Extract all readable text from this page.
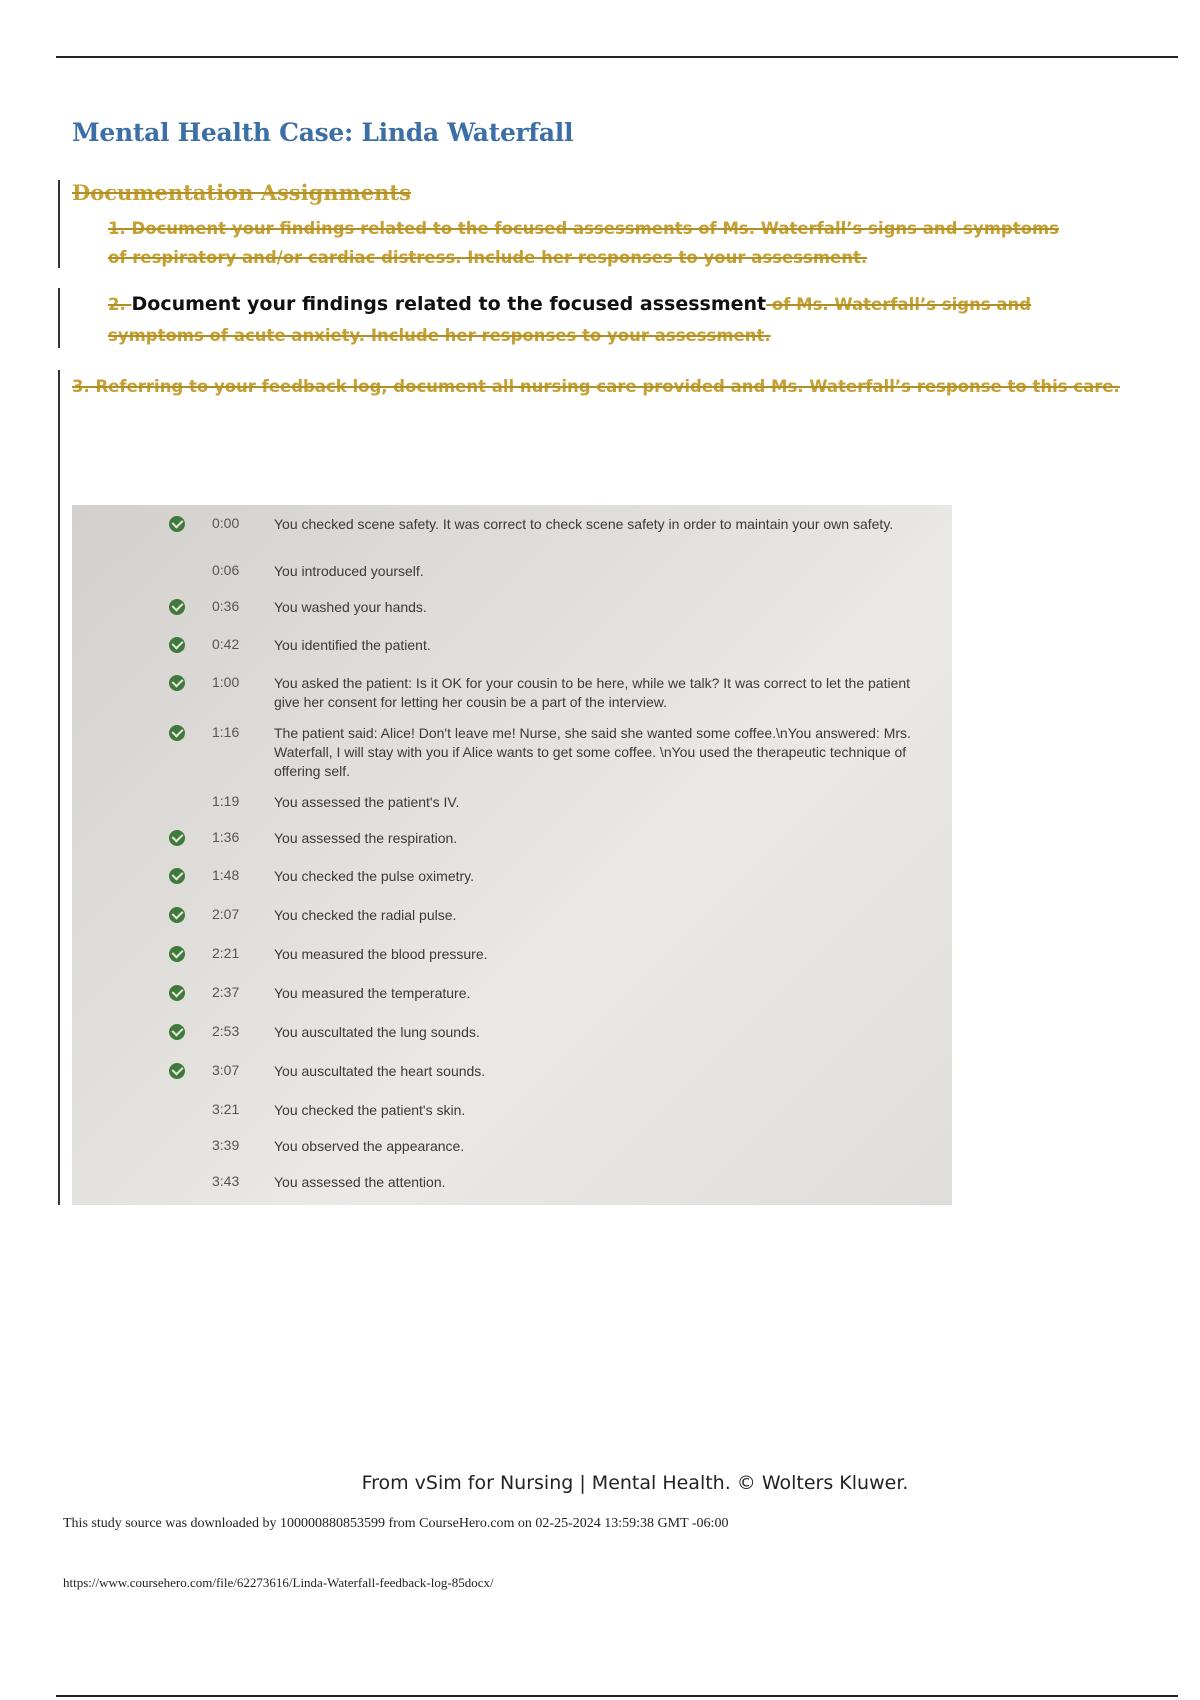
Mental Health Case: Linda Waterfall
Documentation Assignments
1. Document your findings related to the focused assessments of Ms. Waterfall’s signs and symptoms of respiratory and/or cardiac distress. Include her responses to your assessment.
2. Document your findings related to the focused assessment of Ms. Waterfall’s signs and symptoms of acute anxiety. Include her responses to your assessment.
3. Referring to your feedback log, document all nursing care provided and Ms. Waterfall’s response to this care.
0:00	You checked scene safety. It was correct to check scene safety in order to maintain your own safety.
0:06	You introduced yourself.
0:36	You washed your hands.
0:42	You identified the patient.
1:00	You asked the patient: Is it OK for your cousin to be here, while we talk? It was correct to let the patient give her consent for letting her cousin be a part of the interview.
1:16	The patient said: Alice! Don't leave me! Nurse, she said she wanted some coffee.\nYou answered: Mrs. Waterfall, I will stay with you if Alice wants to get some coffee. \nYou used the therapeutic technique of offering self.
1:19	You assessed the patient's IV.
1:36	You assessed the respiration.
1:48	You checked the pulse oximetry.
2:07	You checked the radial pulse.
2:21	You measured the blood pressure.
2:37	You measured the temperature.
2:53	You auscultated the lung sounds.
3:07	You auscultated the heart sounds.
3:21	You checked the patient's skin.
3:39	You observed the appearance.
3:43	You assessed the attention.
From vSim for Nursing | Mental Health. © Wolters Kluwer.
This study source was downloaded by 100000880853599 from CourseHero.com on 02-25-2024 13:59:38 GMT -06:00
https://www.coursehero.com/file/62273616/Linda-Waterfall-feedback-log-85docx/
